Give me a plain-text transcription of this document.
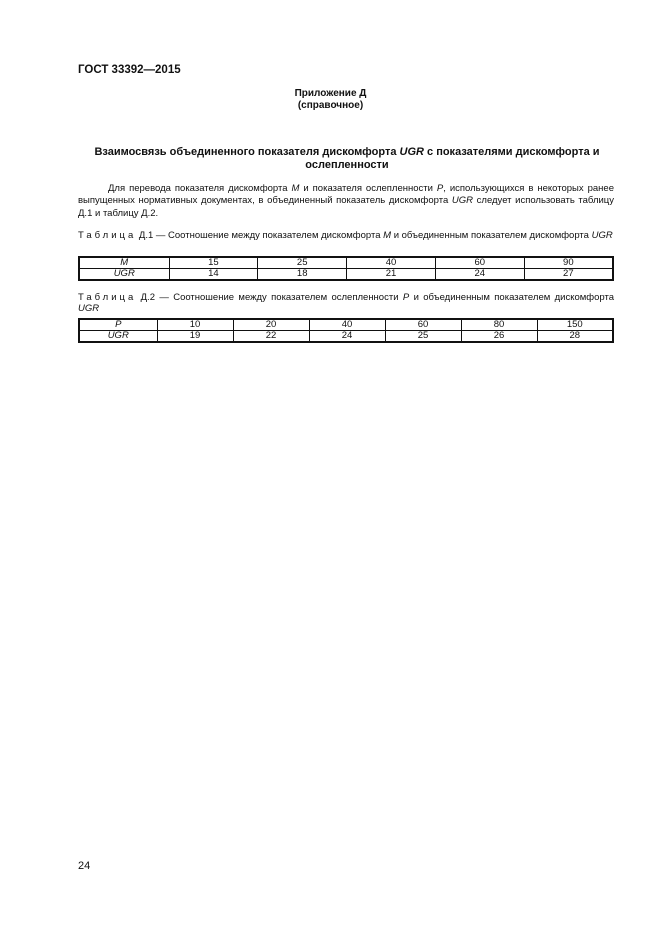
ГОСТ 33392—2015
Приложение Д
(справочное)
Взаимосвязь объединенного показателя дискомфорта UGR с показателями дискомфорта и ослепленности
Для перевода показателя дискомфорта M и показателя ослепленности P, использующихся в некоторых ранее выпущенных нормативных документах, в объединенный показатель дискомфорта UGR следует использовать таблицу Д.1 и таблицу Д.2.
Таблица Д.1 — Соотношение между показателем дискомфорта M и объединенным показателем дискомфорта UGR
M	15	25	40	60	90
UGR	14	18	21	24	27
Таблица Д.2 — Соотношение между показателем ослепленности P и объединенным показателем дискомфорта UGR
P	10	20	40	60	80	150
UGR	19	22	24	25	26	28
24
